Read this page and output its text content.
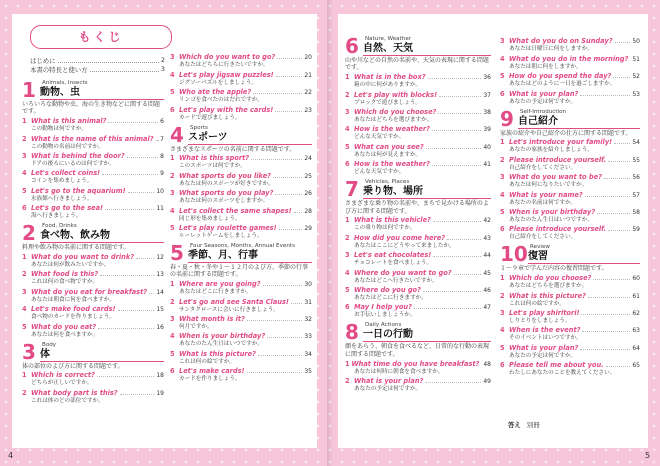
もくじ
はじめに	2
本書の特長と使い方	3
1 Animals, Insects
動物、虫
いろいろな動物や虫、海の生き物などに関する問題です。
1 What is this animal?	6
この動物は何ですか。
2 What is the name of this animal? 7
この動物の名前は何ですか。
3 What is behind the door?	8
ドアの後ろにいるのは何ですか。
4 Let's collect coins!	9
コインを集めましょう。
5 Let's go to the aquarium!	10
水族館へ行きましょう。
6 Let's go to the sea!	11
海へ行きましょう。
2 Food, Drinks
食べ物、飲み物
料理や飲み物の名前に関する問題です。
1 What do you want to drink?	12
あなたは何が飲みたいですか。
2 What food is this?	13
これは何の食べ物ですか。
3 What do you eat for breakfast? 14
あなたは朝食に何を食べますか。
4 Let's make food cards!	15
食べ物のカードを作りましょう。
5 What do you eat?	16
あなたは何を食べますか。
3 Body
体
体の部位のよび方に関する問題です。
1 Which is correct?	18
どちらが正しいですか。
2 What body part is this?	19
これは体のどの部位ですか。
3 Which do you want to go?	20
あなたはどちらに行きたいですか。
4 Let's play jigsaw puzzles!	21
ジグソーパズルをしましょう。
5 Who ate the apple?	22
リンゴを食べたのはだれですか。
6 Let's play with the cards!	23
カードで遊びましょう。
4 Sports
スポーツ
さまざまなスポーツの名前に関する問題です。
1 What is this sport?	24
このスポーツは何ですか。
2 What sports do you like?	25
あなたは何のスポーツが好きですか。
3 What sports do you play?	26
あなたは何のスポーツをしますか。
4 Let's collect the same shapes! 28
同じ形を集めましょう。
5 Let's play roulette games!	29
ルーレットゲームをしましょう。
5 Four Seasons, Months, Annual Events
季節、月、行事
春・夏・秋・冬や１～１２月のよび方、季節の行事の名前に関する問題です。
1 Where are you going?	30
あなたはどこに行きますか。
2 Let's go and see Santa Claus!	31
サンタクロースに会いに行きましょう。
3 What month is it?	32
何月ですか。
4 When is your birthday?	33
あなたのたん生日はいつですか。
5 What is this picture?	34
これは何の絵ですか。
6 Let's make cards!	35
カードを作りましょう。
6 Nature, Weather
自然、天気
山や川などの自然の名前や、天気の表現に関する問題です。
1 What is in the box?	36
箱の中に何がありますか。
2 Let's play with blocks!	37
ブロックで遊びましょう。
3 Which do you choose?	38
あなたはどちらを選びますか。
4 How is the weather?	39
どんな天気ですか。
5 What can you see?	40
あなたは何が見えますか。
6 How is the weather?	41
どんな天気ですか。
7 Vehicles, Places
乗り物、場所
さまざまな乗り物の名前や、まちで見かける場所のよび方に関する問題です。
1 What is this vehicle?	42
この乗り物は何ですか。
2 How did you come here?	43
あなたはここにどうやって来ましたか。
3 Let's eat chocolates!	44
チョコレートを食べましょう。
4 Where do you want to go?	45
あなたはどこへ行きたいですか。
5 Where do you go?	46
あなたはどこに行きますか。
6 May I help you?	47
お手伝いしましょうか。
8 Daily Actions
一日の行動
顔をあらう、朝食を食べるなど、日常的な行動の表現に関する問題です。
1 What time do you have breakfast? 48
あなたは何時に朝食を食べますか。
2 What is your plan?	49
あなたの予定は何ですか。
3 What do you do on Sunday?	50
あなたは日曜日に何をしますか。
4 What do you do in the morning? 51
あなたは朝に何をしますか。
5 How do you spend the day?	52
あなたはどのように一日を過ごしますか。
6 What is your plan?	53
あなたの予定は何ですか。
9 Self-Introduction
自己紹介
家族の紹介や自己紹介の仕方に関する問題です。
1 Let's introduce your family!	54
あなたの家族を紹介しましょう。
2 Please introduce yourself.	55
自己紹介をしてください。
3 What do you want to be?	56
あなたは何になりたいですか。
4 What is your name?	57
あなたの名前は何ですか。
5 When is your birthday?	58
あなたのたん生日はいつですか。
6 Please introduce yourself.	59
自己紹介をしてください。
10 Review
復習
１～９章で学んだ内容の復習問題です。
1 Which do you choose?	60
あなたはどちらを選びますか。
2 What is this picture?	61
これは何の絵ですか。
3 Let's play shiritori!	62
しりとりをしましょう。
4 When is the event?	63
そのイベントはいつですか。
5 What is your plan?	64
あなたの予定は何ですか。
6 Please tell me about you.	65
わたしにあなたのことを教えてください。
4	5
答え 別冊
